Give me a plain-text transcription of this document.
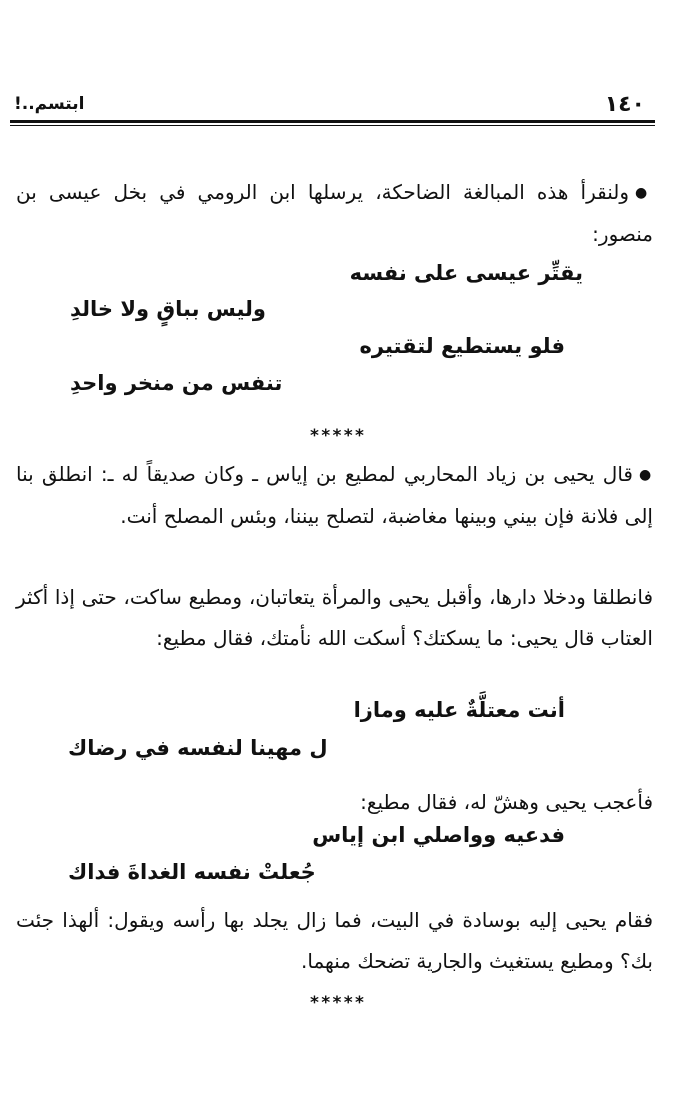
١٤٠
ابتسم..!
●ولنقرأ هذه المبالغة الضاحكة، يرسلها ابن الرومي في بخل عيسى بن منصور:
يقتِّر عيسى على نفسه
وليس بباقٍ ولا خالدِ
فلو يستطيع لتقتيره
تنفس من منخر واحدِ
*****
●قال يحيى بن زياد المحاربي لمطيع بن إياس ـ وكان صديقاً له ـ: انطلق بنا إلى فلانة فإن بيني وبينها مغاضبة، لتصلح بيننا، وبئس المصلح أنت.
فانطلقا ودخلا دارها، وأقبل يحيى والمرأة يتعاتبان، ومطيع ساكت، حتى إذا أكثر العتاب قال يحيى: ما يسكتك؟ أسكت الله نأمتك، فقال مطيع:
أنت معتلَّةٌ عليه ومازا
ل مهينا لنفسه في رضاك
فأعجب يحيى وهشّ له، فقال مطيع:
فدعيه وواصلي ابن إياس
جُعلتْ نفسه الغداةَ فداك
فقام يحيى إليه بوسادة في البيت، فما زال يجلد بها رأسه ويقول: ألهذا جئت بك؟ ومطيع يستغيث والجارية تضحك منهما.
*****
